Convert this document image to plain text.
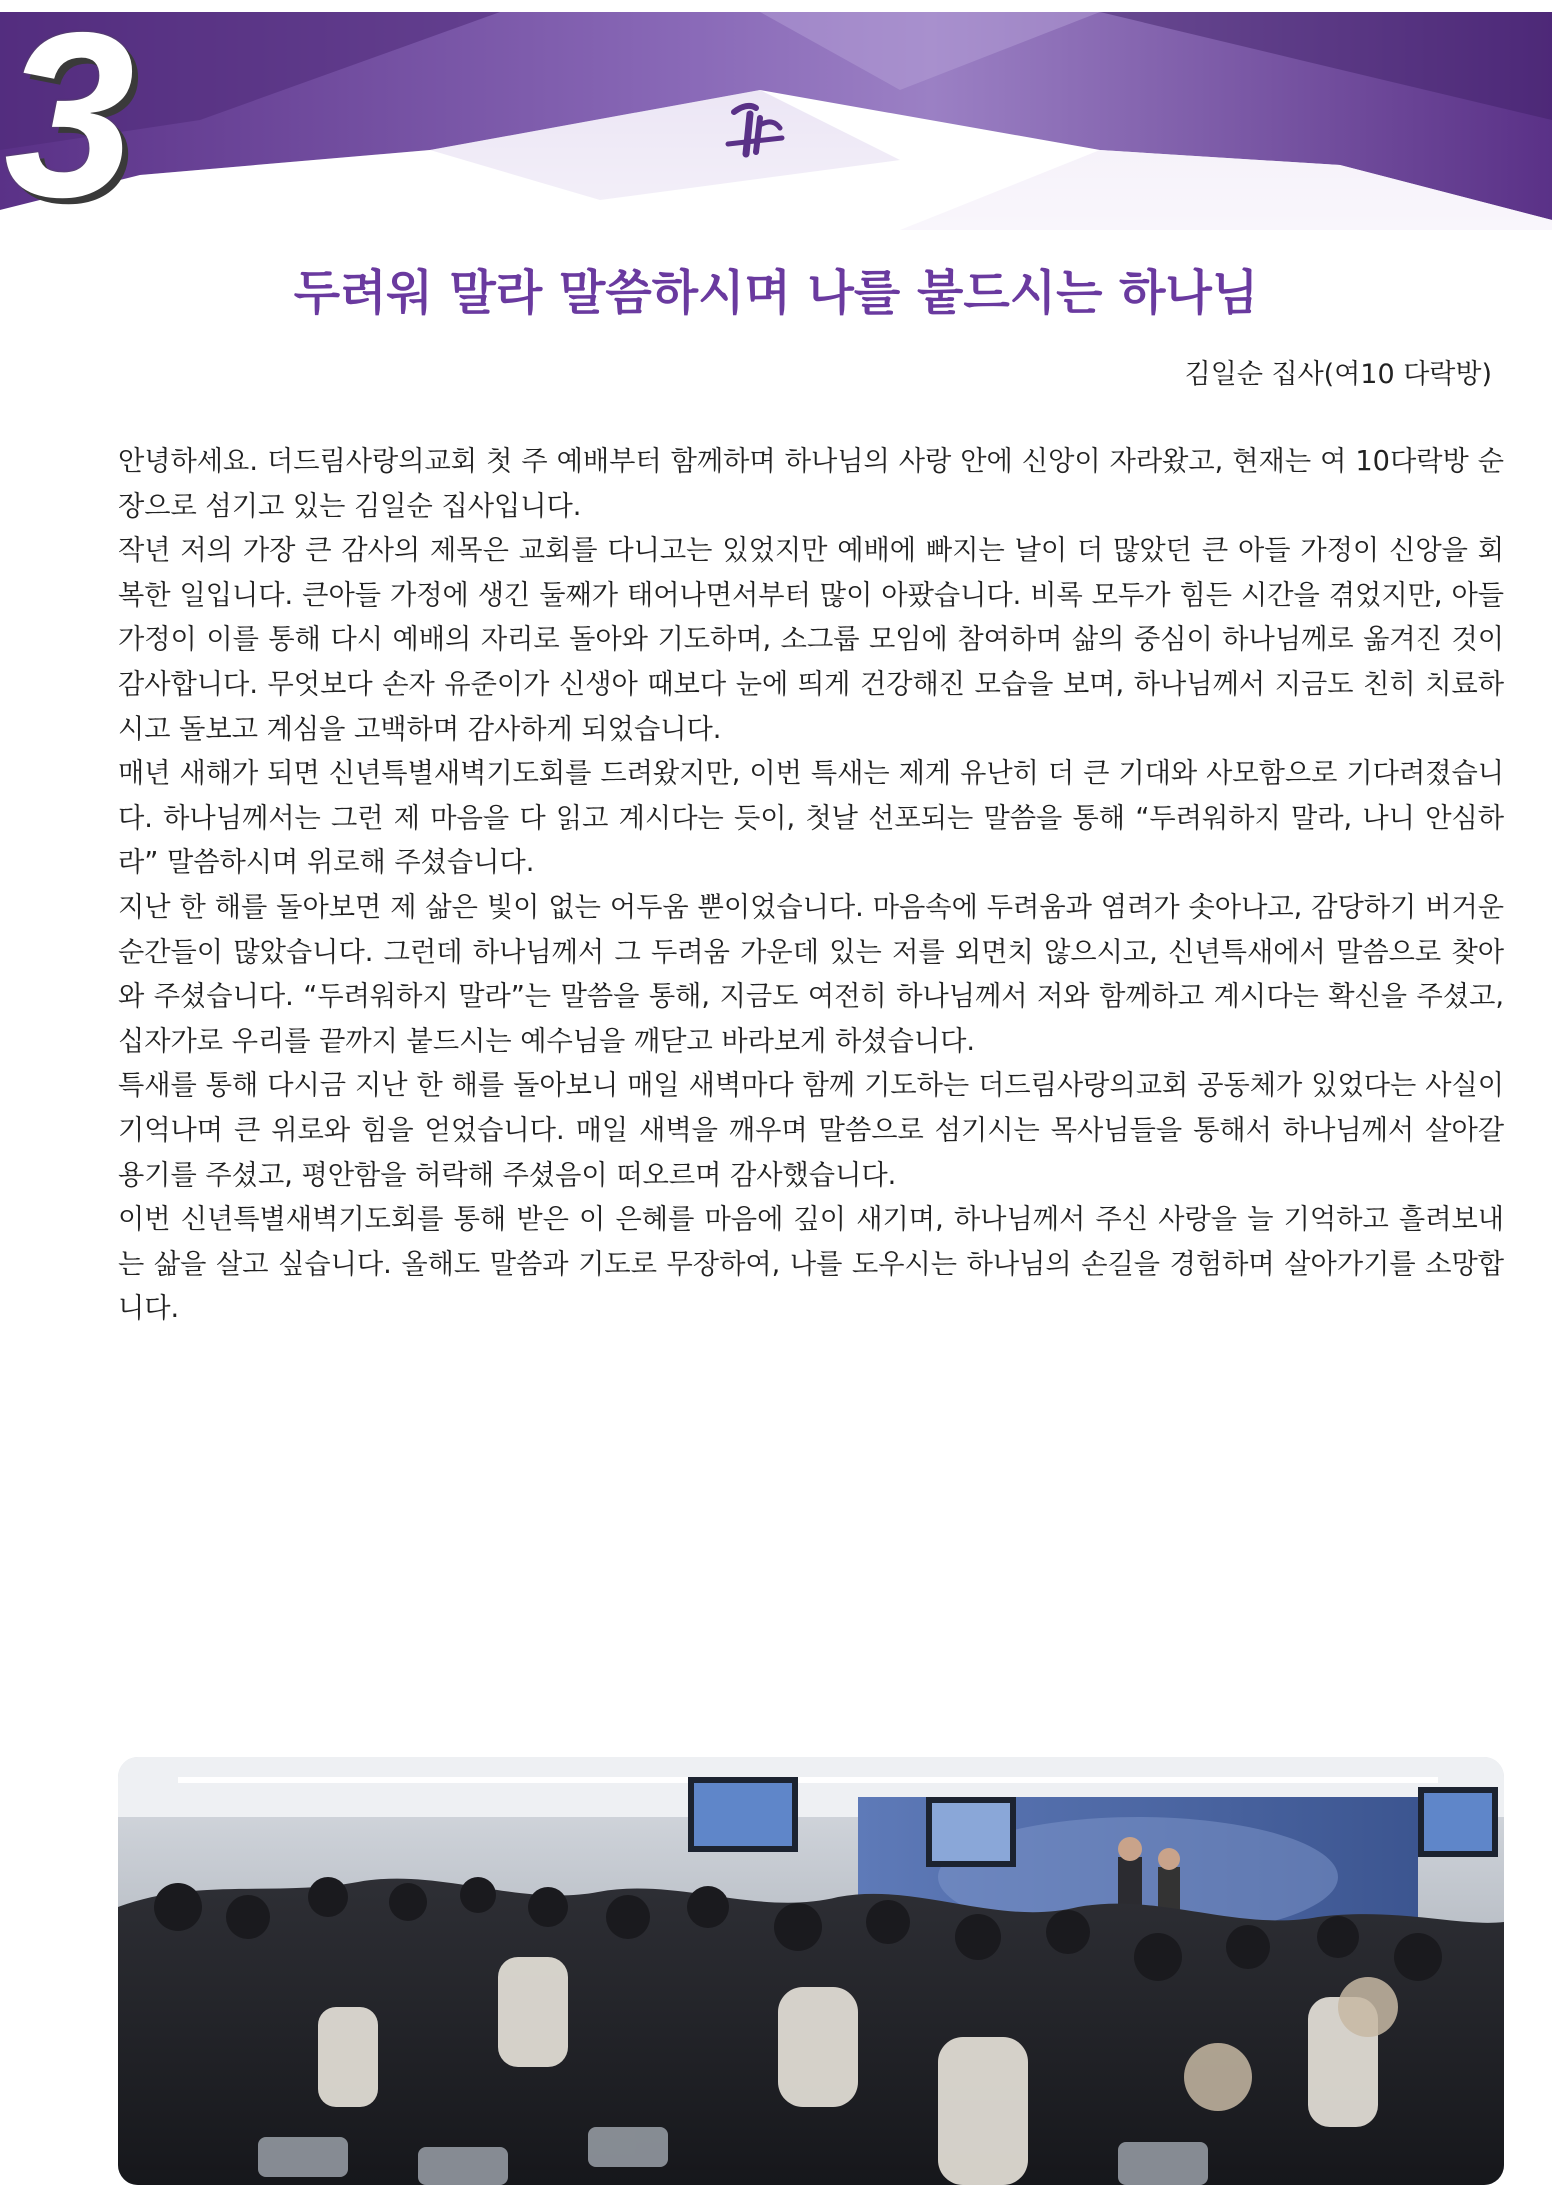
3
두려워 말라 말씀하시며 나를 붙드시는 하나님
김일순 집사(여10 다락방)

안녕하세요. 더드림사랑의교회 첫 주 예배부터 함께하며 하나님의 사랑 안에 신앙이 자라왔고, 현재는 여 10다락방 순장으로 섬기고 있는 김일순 집사입니다.

작년 저의 가장 큰 감사의 제목은 교회를 다니고는 있었지만 예배에 빠지는 날이 더 많았던 큰 아들 가정이 신앙을 회복한 일입니다. 큰아들 가정에 생긴 둘째가 태어나면서부터 많이 아팠습니다. 비록 모두가 힘든 시간을 겪었지만, 아들 가정이 이를 통해 다시 예배의 자리로 돌아와 기도하며, 소그룹 모임에 참여하며 삶의 중심이 하나님께로 옮겨진 것이 감사합니다. 무엇보다 손자 유준이가 신생아 때보다 눈에 띄게 건강해진 모습을 보며, 하나님께서 지금도 친히 치료하시고 돌보고 계심을 고백하며 감사하게 되었습니다.

매년 새해가 되면 신년특별새벽기도회를 드려왔지만, 이번 특새는 제게 유난히 더 큰 기대와 사모함으로 기다려졌습니다. 하나님께서는 그런 제 마음을 다 읽고 계시다는 듯이, 첫날 선포되는 말씀을 통해 “두려워하지 말라, 나니 안심하라” 말씀하시며 위로해 주셨습니다.

지난 한 해를 돌아보면 제 삶은 빛이 없는 어두움 뿐이었습니다. 마음속에 두려움과 염려가 솟아나고, 감당하기 버거운 순간들이 많았습니다. 그런데 하나님께서 그 두려움 가운데 있는 저를 외면치 않으시고, 신년특새에서 말씀으로 찾아와 주셨습니다. “두려워하지 말라”는 말씀을 통해, 지금도 여전히 하나님께서 저와 함께하고 계시다는 확신을 주셨고, 십자가로 우리를 끝까지 붙드시는 예수님을 깨닫고 바라보게 하셨습니다.

특새를 통해 다시금 지난 한 해를 돌아보니 매일 새벽마다 함께 기도하는 더드림사랑의교회 공동체가 있었다는 사실이 기억나며 큰 위로와 힘을 얻었습니다. 매일 새벽을 깨우며 말씀으로 섬기시는 목사님들을 통해서 하나님께서 살아갈 용기를 주셨고, 평안함을 허락해 주셨음이 떠오르며 감사했습니다.

이번 신년특별새벽기도회를 통해 받은 이 은혜를 마음에 깊이 새기며, 하나님께서 주신 사랑을 늘 기억하고 흘려보내는 삶을 살고 싶습니다. 올해도 말씀과 기도로 무장하여, 나를 도우시는 하나님의 손길을 경험하며 살아가기를 소망합니다.
